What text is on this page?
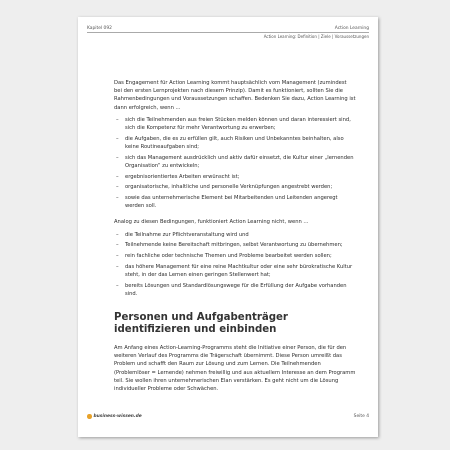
Kapitel 092	Action Learning
Action Learning: Definition | Ziele | Voraussetzungen

Das Engagement für Action Learning kommt hauptsächlich vom Management (zumindest bei den ersten Lernprojekten nach diesem Prinzip). Damit es funktioniert, sollten Sie die Rahmenbedingungen und Voraussetzungen schaffen. Bedenken Sie dazu, Action Learning ist dann erfolgreich, wenn ...

– sich die Teilnehmenden aus freien Stücken melden können und daran interessiert sind, sich die Kompetenz für mehr Verantwortung zu erwerben;
– die Aufgaben, die es zu erfüllen gilt, auch Risiken und Unbekanntes beinhalten, also keine Routineaufgaben sind;
– sich das Management ausdrücklich und aktiv dafür einsetzt, die Kultur einer „lernenden Organisation“ zu entwickeln;
– ergebnisorientiertes Arbeiten erwünscht ist;
– organisatorische, inhaltliche und personelle Verknüpfungen angestrebt werden;
– sowie das unternehmerische Element bei Mitarbeitenden und Leitenden angeregt werden soll.

Analog zu diesen Bedingungen, funktioniert Action Learning nicht, wenn ...

– die Teilnahme zur Pflichtveranstaltung wird und
– Teilnehmende keine Bereitschaft mitbringen, selbst Verantwortung zu übernehmen;
– rein fachliche oder technische Themen und Probleme bearbeitet werden sollen;
– das höhere Management für eine reine Machtkultur oder eine sehr bürokratische Kultur steht, in der das Lernen einen geringen Stellenwert hat;
– bereits Lösungen und Standardlösungswege für die Erfüllung der Aufgabe vorhanden sind.
Personen und Aufgabenträger identifizieren und einbinden

Am Anfang eines Action-Learning-Programms steht die Initiative einer Person, die für den weiteren Verlauf des Programms die Trägerschaft übernimmt. Diese Person umreißt das Problem und schafft den Raum zur Lösung und zum Lernen. Die Teilnehmenden (Problemlöser = Lernende) nehmen freiwillig und aus aktuellem Interesse an dem Programm teil. Sie wollen ihren unternehmerischen Elan verstärken. Es geht nicht um die Lösung individueller Probleme oder Schwächen.

business-wissen.de	Seite 4
